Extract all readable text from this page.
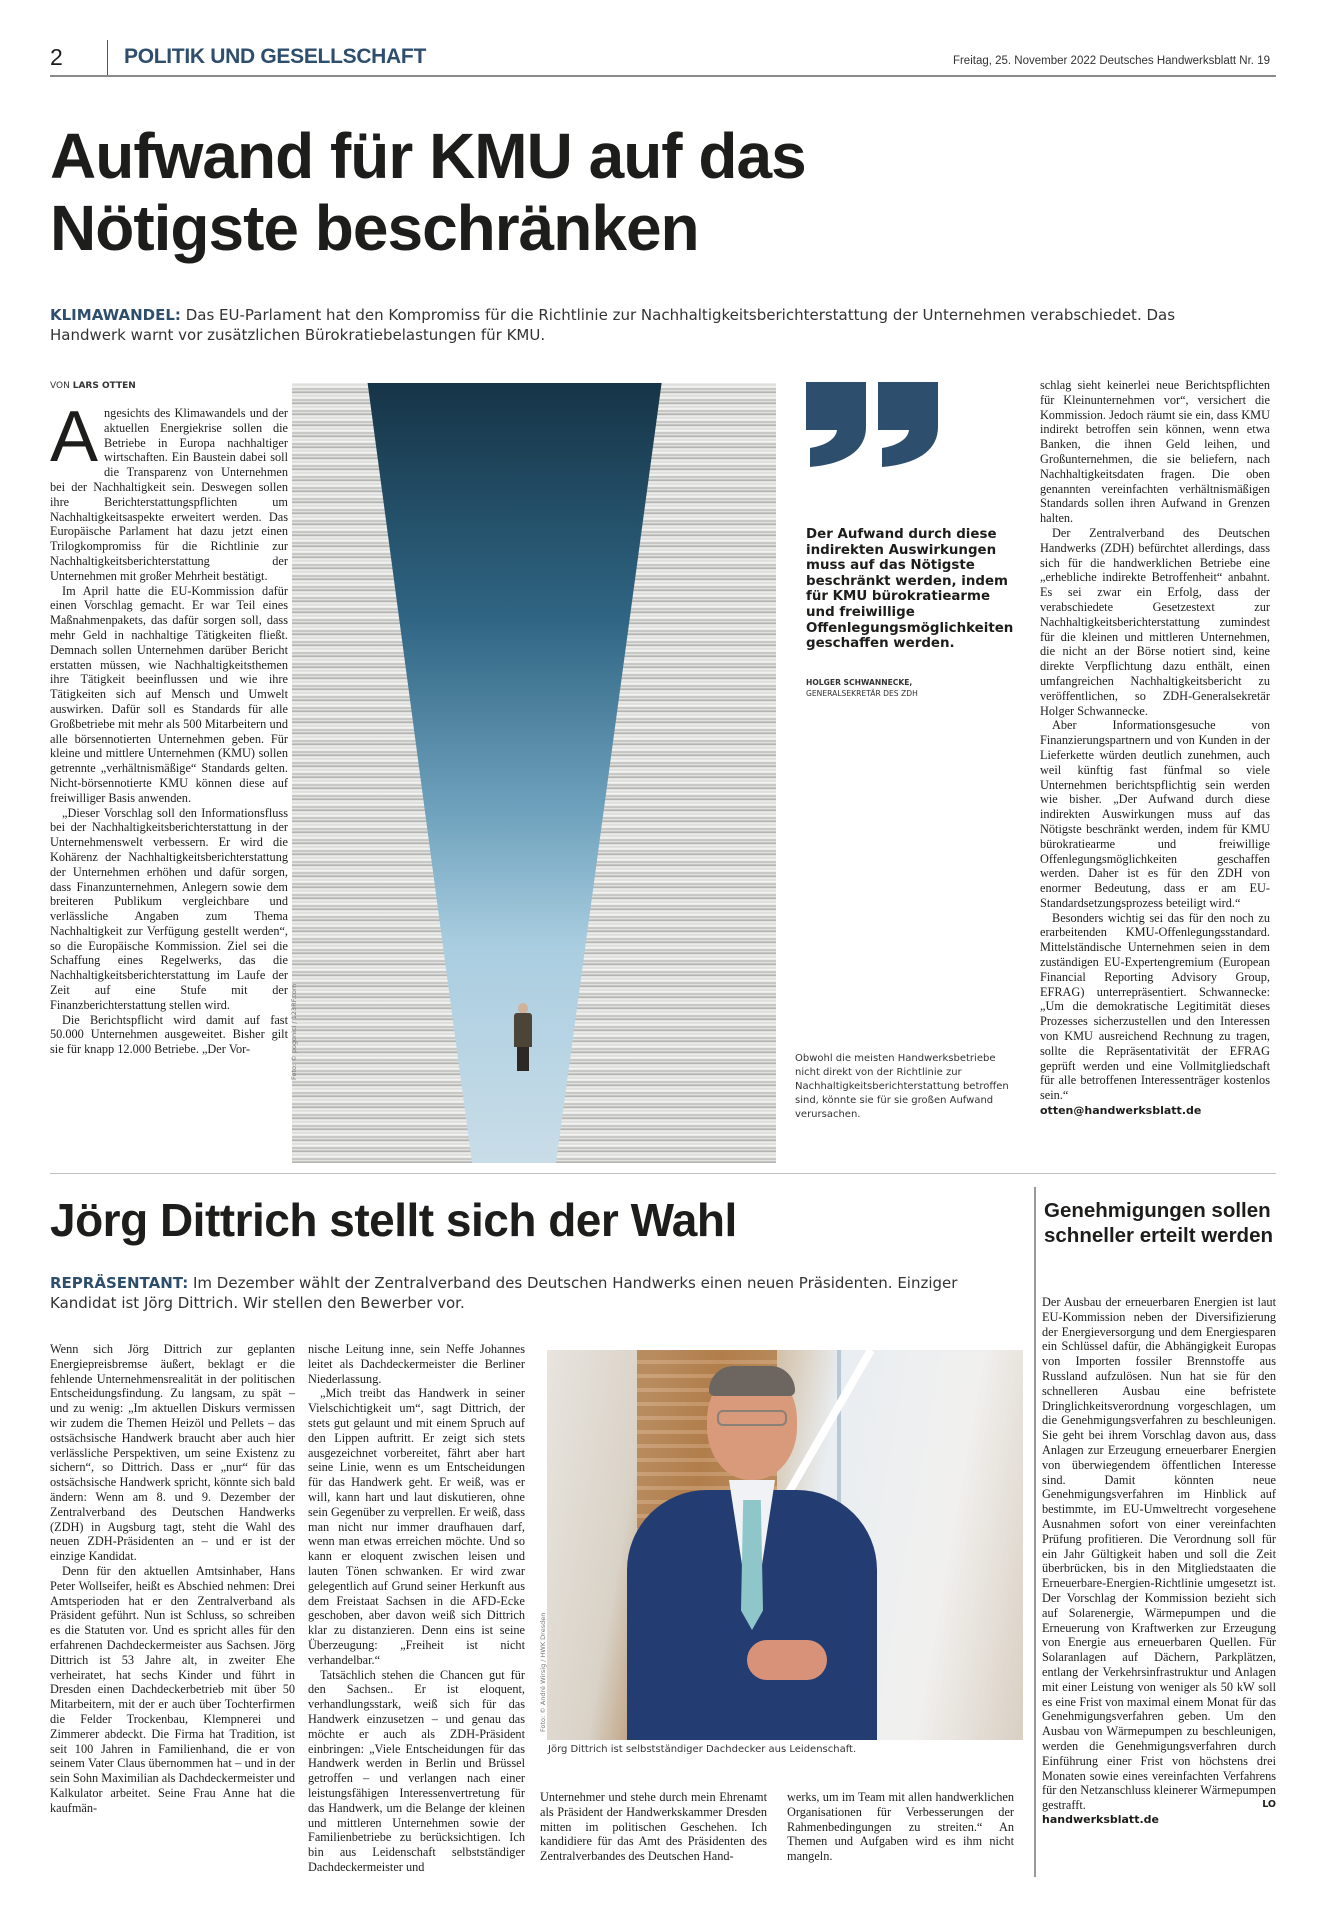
2	POLITIK UND GESELLSCHAFT	Freitag, 25. November 2022 Deutsches Handwerksblatt Nr. 19
Aufwand für KMU auf das Nötigste beschränken
KLIMAWANDEL: Das EU-Parlament hat den Kompromiss für die Richtlinie zur Nachhaltigkeitsberichterstattung der Unternehmen verabschiedet. Das Handwerk warnt vor zusätzlichen Bürokratiebelastungen für KMU.
VON LARS OTTEN

Angesichts des Klimawandels und der aktuellen Energiekrise sollen die Betriebe in Europa nachhaltiger wirtschaften. Ein Baustein dabei soll die Transparenz von Unternehmen bei der Nachhaltigkeit sein. Deswegen sollen ihre Berichterstattungspflichten um Nachhaltigkeitsaspekte erweitert werden. Das Europäische Parlament hat dazu jetzt einen Trilogkompromiss für die Richtlinie zur Nachhaltigkeitsberichterstattung der Unternehmen mit großer Mehrheit bestätigt.

Im April hatte die EU-Kommission dafür einen Vorschlag gemacht. Er war Teil eines Maßnahmenpakets, das dafür sorgen soll, dass mehr Geld in nachhaltige Tätigkeiten fließt. Demnach sollen Unternehmen darüber Bericht erstatten müssen, wie Nachhaltigkeitsthemen ihre Tätigkeit beeinflussen und wie ihre Tätigkeiten sich auf Mensch und Umwelt auswirken. Dafür soll es Standards für alle Großbetriebe mit mehr als 500 Mitarbeitern und alle börsennotierten Unternehmen geben. Für kleine und mittlere Unternehmen (KMU) sollen getrennte „verhältnismäßige“ Standards gelten. Nicht-börsennotierte KMU können diese auf freiwilliger Basis anwenden.

„Dieser Vorschlag soll den Informationsfluss bei der Nachhaltigkeitsberichterstattung in der Unternehmenswelt verbessern. Er wird die Kohärenz der Nachhaltigkeitsberichterstattung der Unternehmen erhöhen und dafür sorgen, dass Finanzunternehmen, Anlegern sowie dem breiteren Publikum vergleichbare und verlässliche Angaben zum Thema Nachhaltigkeit zur Verfügung gestellt werden“, so die Europäische Kommission. Ziel sei die Schaffung eines Regelwerks, das die Nachhaltigkeitsberichterstattung im Laufe der Zeit auf eine Stufe mit der Finanzberichterstattung stellen wird.

Die Berichtspflicht wird damit auf fast 50.000 Unternehmen ausgeweitet. Bisher gilt sie für knapp 12.000 Betriebe. „Der Vor-	Foto: © pogonici / 123RF.com
Der Aufwand durch diese indirekten Auswirkungen muss auf das Nötigste beschränkt werden, indem für KMU bürokratiearme und freiwillige Offenlegungsmöglichkeiten geschaffen werden.
HOLGER SCHWANNECKE,
GENERALSEKRETÄR DES ZDH
Obwohl die meisten Handwerksbetriebe nicht direkt von der Richtlinie zur Nachhaltigkeitsberichterstattung betroffen sind, könnte sie für sie großen Aufwand verursachen.

schlag sieht keinerlei neue Berichtspflichten für Kleinunternehmen vor“, versichert die Kommission. Jedoch räumt sie ein, dass KMU indirekt betroffen sein können, wenn etwa Banken, die ihnen Geld leihen, und Großunternehmen, die sie beliefern, nach Nachhaltigkeitsdaten fragen. Die oben genannten vereinfachten verhältnismäßigen Standards sollen ihren Aufwand in Grenzen halten.

Der Zentralverband des Deutschen Handwerks (ZDH) befürchtet allerdings, dass sich für die handwerklichen Betriebe eine „erhebliche indirekte Betroffenheit“ anbahnt. Es sei zwar ein Erfolg, dass der verabschiedete Gesetzestext zur Nachhaltigkeitsberichterstattung zumindest für die kleinen und mittleren Unternehmen, die nicht an der Börse notiert sind, keine direkte Verpflichtung dazu enthält, einen umfangreichen Nachhaltigkeitsbericht zu veröffentlichen, so ZDH-Generalsekretär Holger Schwannecke.

Aber Informationsgesuche von Finanzierungspartnern und von Kunden in der Lieferkette würden deutlich zunehmen, auch weil künftig fast fünfmal so viele Unternehmen berichtspflichtig sein werden wie bisher. „Der Aufwand durch diese indirekten Auswirkungen muss auf das Nötigste beschränkt werden, indem für KMU bürokratiearme und freiwillige Offenlegungsmöglichkeiten geschaffen werden. Daher ist es für den ZDH von enormer Bedeutung, dass er am EU-Standardsetzungsprozess beteiligt wird.“

Besonders wichtig sei das für den noch zu erarbeitenden KMU-Offenlegungsstandard. Mittelständische Unternehmen seien in dem zuständigen EU-Expertengremium (European Financial Reporting Advisory Group, EFRAG) unterrepräsentiert. Schwannecke: „Um die demokratische Legitimität dieses Prozesses sicherzustellen und den Interessen von KMU ausreichend Rechnung zu tragen, sollte die Repräsentativität der EFRAG geprüft werden und eine Vollmitgliedschaft für alle betroffenen Interessenträger kostenlos sein.“

otten@handwerksblatt.de

Jörg Dittrich stellt sich der Wahl
REPRÄSENTANT: Im Dezember wählt der Zentralverband des Deutschen Handwerks einen neuen Präsidenten. Einziger Kandidat ist Jörg Dittrich. Wir stellen den Bewerber vor.

Wenn sich Jörg Dittrich zur geplanten Energiepreisbremse äußert, beklagt er die fehlende Unternehmensrealität in der politischen Entscheidungsfindung. Zu langsam, zu spät – und zu wenig: „Im aktuellen Diskurs vermissen wir zudem die Themen Heizöl und Pellets – das ostsächsische Handwerk braucht aber auch hier verlässliche Perspektiven, um seine Existenz zu sichern“, so Dittrich. Dass er „nur“ für das ostsächsische Handwerk spricht, könnte sich bald ändern: Wenn am 8. und 9. Dezember der Zentralverband des Deutschen Handwerks (ZDH) in Augsburg tagt, steht die Wahl des neuen ZDH-Präsidenten an – und er ist der einzige Kandidat.

Denn für den aktuellen Amtsinhaber, Hans Peter Wollseifer, heißt es Abschied nehmen: Drei Amtsperioden hat er den Zentralverband als Präsident geführt. Nun ist Schluss, so schreiben es die Statuten vor. Und es spricht alles für den erfahrenen Dachdeckermeister aus Sachsen. Jörg Dittrich ist 53 Jahre alt, in zweiter Ehe verheiratet, hat sechs Kinder und führt in Dresden einen Dachdeckerbetrieb mit über 50 Mitarbeitern, mit der er auch über Tochterfirmen die Felder Trockenbau, Klempnerei und Zimmerer abdeckt. Die Firma hat Tradition, ist seit 100 Jahren in Familienhand, die er von seinem Vater Claus übernommen hat – und in der sein Sohn Maximilian als Dachdeckermeister und Kalkulator arbeitet. Seine Frau Anne hat die kaufmän-

nische Leitung inne, sein Neffe Johannes leitet als Dachdeckermeister die Berliner Niederlassung.

„Mich treibt das Handwerk in seiner Vielschichtigkeit um“, sagt Dittrich, der stets gut gelaunt und mit einem Spruch auf den Lippen auftritt. Er zeigt sich stets ausgezeichnet vorbereitet, fährt aber hart seine Linie, wenn es um Entscheidungen für das Handwerk geht. Er weiß, was er will, kann hart und laut diskutieren, ohne sein Gegenüber zu verprellen. Er weiß, dass man nicht nur immer draufhauen darf, wenn man etwas erreichen möchte. Und so kann er eloquent zwischen leisen und lauten Tönen schwanken. Er wird zwar gelegentlich auf Grund seiner Herkunft aus dem Freistaat Sachsen in die AFD-Ecke geschoben, aber davon weiß sich Dittrich klar zu distanzieren. Denn eins ist seine Überzeugung: „Freiheit ist nicht verhandelbar.“

Tatsächlich stehen die Chancen gut für den Sachsen.. Er ist eloquent, verhandlungsstark, weiß sich für das Handwerk einzusetzen – und genau das möchte er auch als ZDH-Präsident einbringen: „Viele Entscheidungen für das Handwerk werden in Berlin und Brüssel getroffen – und verlangen nach einer leistungsfähigen Interessenvertretung für das Handwerk, um die Belange der kleinen und mittleren Unternehmen sowie der Familienbetriebe zu berücksichtigen. Ich bin aus Leidenschaft selbstständiger Dachdeckermeister und

Foto: © André Wirsig / HWK Dresden
Jörg Dittrich ist selbstständiger Dachdecker aus Leidenschaft.

Unternehmer und stehe durch mein Ehrenamt als Präsident der Handwerkskammer Dresden mitten im politischen Geschehen. Ich kandidiere für das Amt des Präsidenten des Zentralverbandes des Deutschen Hand-

werks, um im Team mit allen handwerklichen Organisationen für Verbesserungen der Rahmenbedingungen zu streiten.“ An Themen und Aufgaben wird es ihm nicht mangeln.

Genehmigungen sollen schneller erteilt werden

Der Ausbau der erneuerbaren Energien ist laut EU-Kommission neben der Diversifizierung der Energieversorgung und dem Energiesparen ein Schlüssel dafür, die Abhängigkeit Europas von Importen fossiler Brennstoffe aus Russland aufzulösen. Nun hat sie für den schnelleren Ausbau eine befristete Dringlichkeitsverordnung vorgeschlagen, um die Genehmigungsverfahren zu beschleunigen. Sie geht bei ihrem Vorschlag davon aus, dass Anlagen zur Erzeugung erneuerbarer Energien von überwiegendem öffentlichen Interesse sind. Damit könnten neue Genehmigungsverfahren im Hinblick auf bestimmte, im EU-Umweltrecht vorgesehene Ausnahmen sofort von einer vereinfachten Prüfung profitieren. Die Verordnung soll für ein Jahr Gültigkeit haben und soll die Zeit überbrücken, bis in den Mitgliedstaaten die Erneuerbare-Energien-Richtlinie umgesetzt ist. Der Vorschlag der Kommission bezieht sich auf Solarenergie, Wärmepumpen und die Erneuerung von Kraftwerken zur Erzeugung von Energie aus erneuerbaren Quellen. Für Solaranlagen auf Dächern, Parkplätzen, entlang der Verkehrsinfrastruktur und Anlagen mit einer Leistung von weniger als 50 kW soll es eine Frist von maximal einem Monat für das Genehmigungsverfahren geben. Um den Ausbau von Wärmepumpen zu beschleunigen, werden die Genehmigungsverfahren durch Einführung einer Frist von höchstens drei Monaten sowie eines vereinfachten Verfahrens für den Netzanschluss kleinerer Wärmepumpen gestrafft.	LO

handwerksblatt.de
